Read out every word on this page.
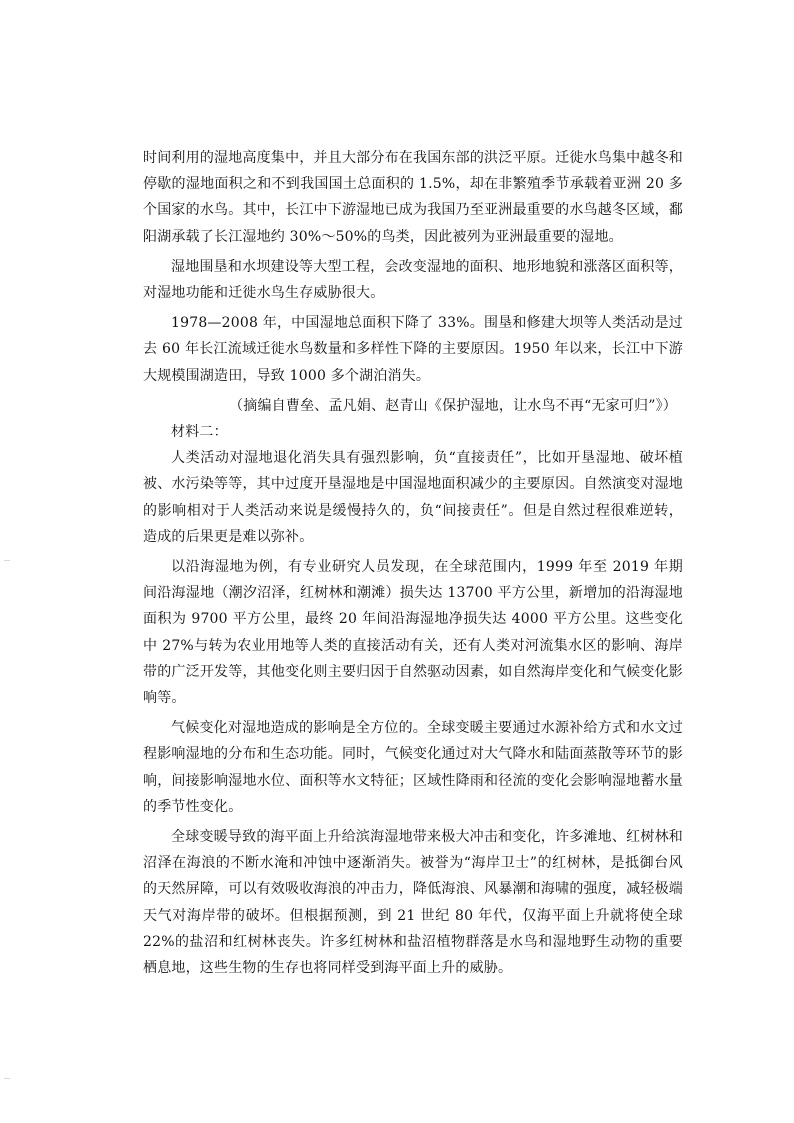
时间利用的湿地高度集中，并且大部分布在我国东部的洪泛平原。迁徙水鸟集中越冬和停歇的湿地面积之和不到我国国土总面积的 1.5%，却在非繁殖季节承载着亚洲 20 多个国家的水鸟。其中，长江中下游湿地已成为我国乃至亚洲最重要的水鸟越冬区域，鄱阳湖承载了长江湿地约 30%～50%的鸟类，因此被列为亚洲最重要的湿地。

湿地围垦和水坝建设等大型工程，会改变湿地的面积、地形地貌和涨落区面积等，对湿地功能和迁徙水鸟生存威胁很大。

1978—2008 年，中国湿地总面积下降了 33%。围垦和修建大坝等人类活动是过去 60 年长江流域迁徙水鸟数量和多样性下降的主要原因。1950 年以来，长江中下游大规模围湖造田，导致 1000 多个湖泊消失。

（摘编自曹垒、孟凡娟、赵青山《保护湿地，让水鸟不再“无家可归”》）

材料二：

人类活动对湿地退化消失具有强烈影响，负“直接责任”，比如开垦湿地、破坏植被、水污染等等，其中过度开垦湿地是中国湿地面积减少的主要原因。自然演变对湿地的影响相对于人类活动来说是缓慢持久的，负“间接责任”。但是自然过程很难逆转，造成的后果更是难以弥补。

以沿海湿地为例，有专业研究人员发现，在全球范围内，1999 年至 2019 年期间沿海湿地（潮汐沼泽，红树林和潮滩）损失达 13700 平方公里，新增加的沿海湿地面积为 9700 平方公里，最终 20 年间沿海湿地净损失达 4000 平方公里。这些变化中 27%与转为农业用地等人类的直接活动有关，还有人类对河流集水区的影响、海岸带的广泛开发等，其他变化则主要归因于自然驱动因素，如自然海岸变化和气候变化影响等。

气候变化对湿地造成的影响是全方位的。全球变暖主要通过水源补给方式和水文过程影响湿地的分布和生态功能。同时，气候变化通过对大气降水和陆面蒸散等环节的影响，间接影响湿地水位、面积等水文特征；区域性降雨和径流的变化会影响湿地蓄水量的季节性变化。

全球变暖导致的海平面上升给滨海湿地带来极大冲击和变化，许多滩地、红树林和沼泽在海浪的不断水淹和冲蚀中逐渐消失。被誉为“海岸卫士”的红树林，是抵御台风的天然屏障，可以有效吸收海浪的冲击力，降低海浪、风暴潮和海啸的强度，减轻极端天气对海岸带的破坏。但根据预测，到 21 世纪 80 年代，仅海平面上升就将使全球 22%的盐沼和红树林丧失。许多红树林和盐沼植物群落是水鸟和湿地野生动物的重要栖息地，这些生物的生存也将同样受到海平面上升的威胁。
